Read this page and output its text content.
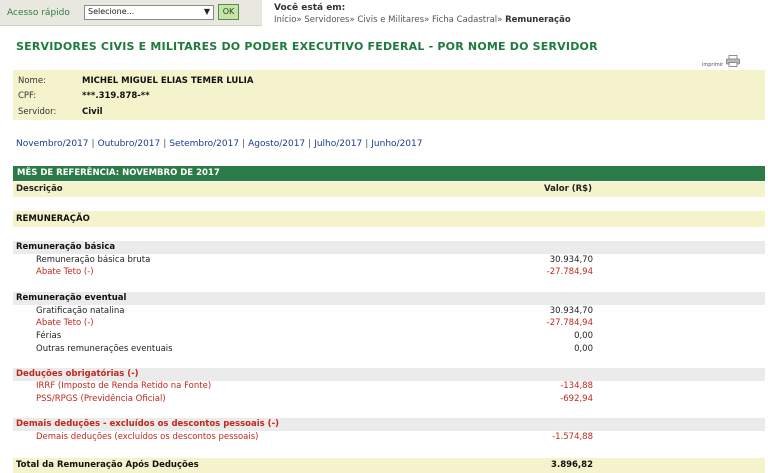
Acesso rápido	Selecione...	▼	OK	Você está em:
Início» Servidores» Civis e Militares» Ficha Cadastral» Remuneração
SERVIDORES CIVIS E MILITARES DO PODER EXECUTIVO FEDERAL - POR NOME DO SERVIDOR
imprimir
Nome:	MICHEL MIGUEL ELIAS TEMER LULIA
CPF:	***.319.878-**
Servidor:	Civil
Novembro/2017 | Outubro/2017 | Setembro/2017 | Agosto/2017 | Julho/2017 | Junho/2017
MÊS DE REFERÊNCIA: NOVEMBRO DE 2017
Descrição	Valor (R$)
REMUNERAÇÃO
Remuneração básica
Remuneração básica bruta	30.934,70
Abate Teto (-)	-27.784,94
Remuneração eventual
Gratificação natalina	30.934,70
Abate Teto (-)	-27.784,94
Férias	0,00
Outras remunerações eventuais	0,00
Deduções obrigatórias (-)
IRRF (Imposto de Renda Retido na Fonte)	-134,88
PSS/RPGS (Previdência Oficial)	-692,94
Demais deduções - excluídos os descontos pessoais (-)
Demais deduções (excluídos os descontos pessoais)	-1.574,88
Total da Remuneração Após Deduções	3.896,82
